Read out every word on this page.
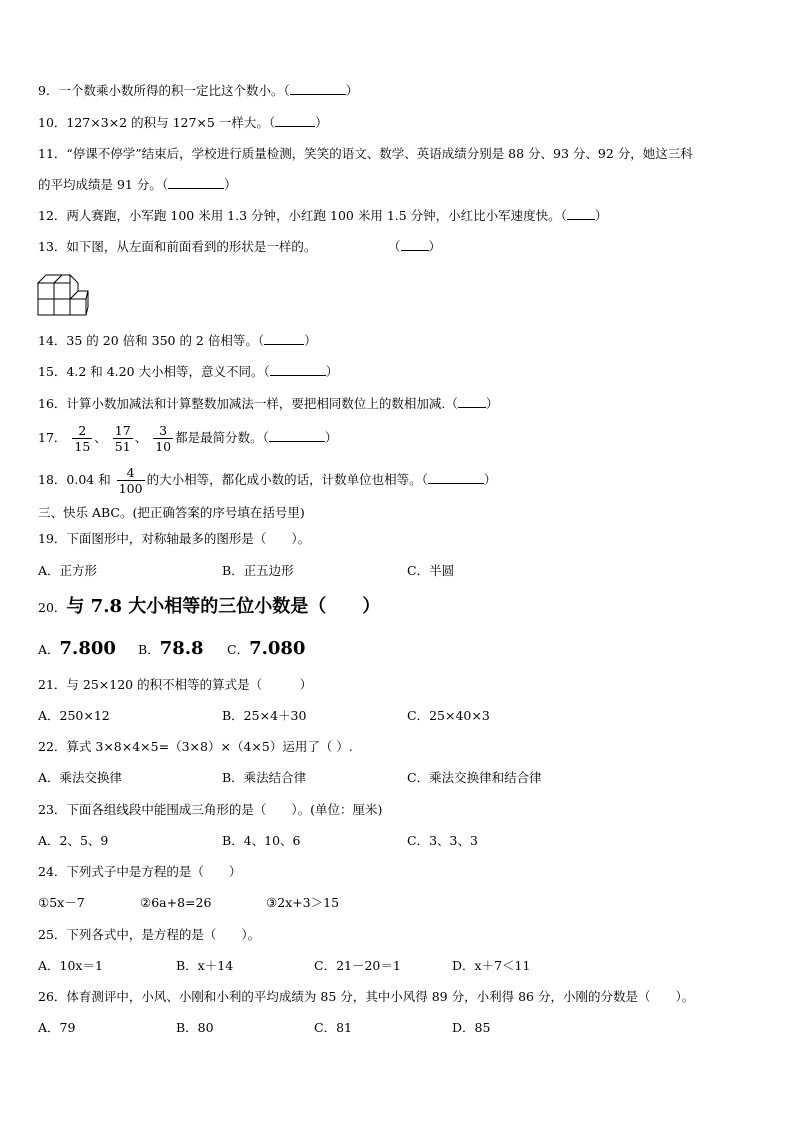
9．一个数乘小数所得的积一定比这个数小。（	）
10．127×3×2 的积与 127×5 一样大。（	）
11．“停课不停学”结束后，学校进行质量检测，笑笑的语文、数学、英语成绩分别是 88 分、93 分、92 分，她这三科
的平均成绩是 91 分。（	）
12．两人赛跑，小军跑 100 米用 1.3 分钟，小红跑 100 米用 1.5 分钟，小红比小军速度快。（ ）
13．如下图，从左面和前面看到的形状是一样的。	（ ）
14．35 的 20 倍和 350 的 2 倍相等。（	）
15．4.2 和 4.20 大小相等，意义不同。（	）
16．计算小数加减法和计算整数加减法一样，要把相同数位上的数相加减.（ ）
17． $\frac{2}{15}$ 、 $\frac{17}{51}$ 、 $\frac{3}{10}$ 都是最简分数。（	）
18．0.04 和 $\frac{4}{100}$ 的大小相等，都化成小数的话，计数单位也相等。（	）
三、快乐 ABC。(把正确答案的序号填在括号里)
19．下面图形中，对称轴最多的图形是（　　）。
A．正方形	B．正五边形	C．半圆
20．与 7.8 大小相等的三位小数是（　　）
A．7.800 B．78.8 C．7.080
21．与 25×120 的积不相等的算式是（　　　）
A．250×12	B．25×4＋30	C．25×40×3
22．算式 3×8×4×5=（3×8）×（4×5）运用了（ ）.
A．乘法交换律	B．乘法结合律	C．乘法交换律和结合律
23．下面各组线段中能围成三角形的是（　　）。(单位：厘米)
A．2、5、9	B．4、10、6	C．3、3、3
24．下列式子中是方程的是（　　）
①5x－7	②6a+8=26	③2x+3＞15
25．下列各式中，是方程的是（　　）。
A．10x＝1	B．x＋14	C．21－20＝1	D．x＋7＜11
26．体育测评中，小风、小刚和小利的平均成绩为 85 分，其中小风得 89 分，小利得 86 分，小刚的分数是（　　）。
A．79	B．80	C．81	D．85
